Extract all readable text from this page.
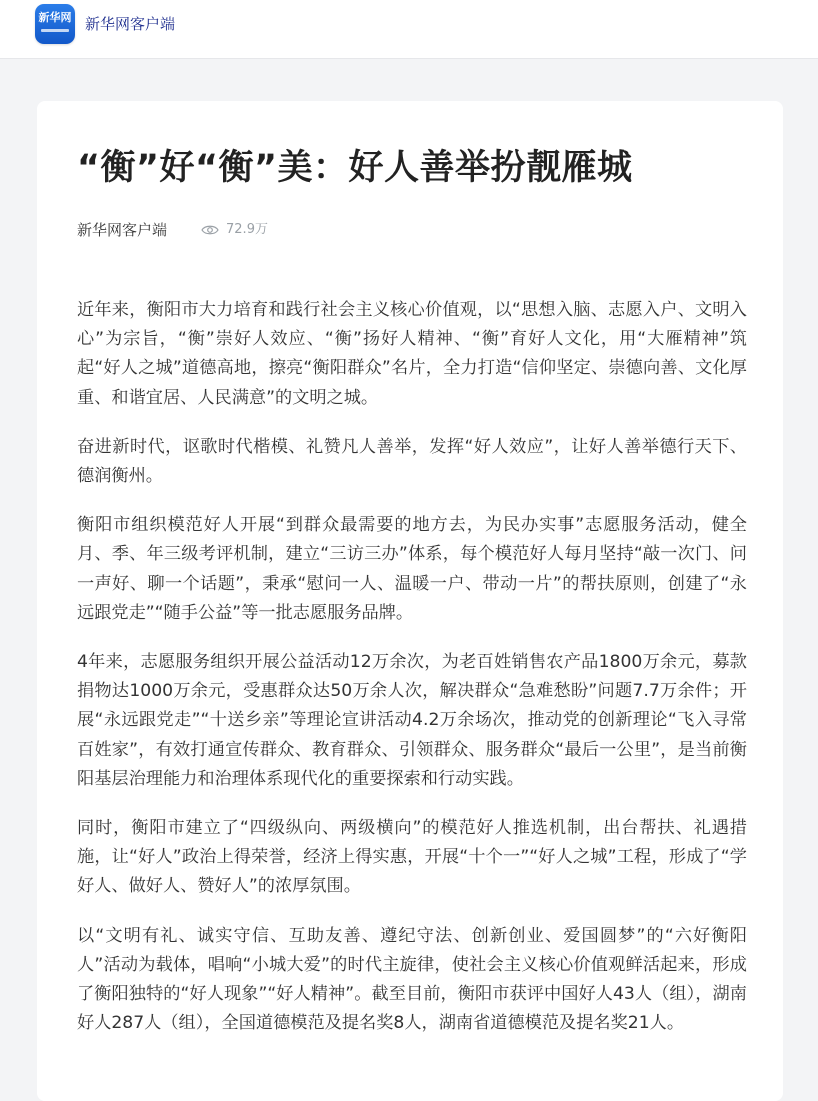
新华网 新华网客户端
“衡”好“衡”美：好人善举扮靓雁城
新华网客户端	72.9万

近年来，衡阳市大力培育和践行社会主义核心价值观，以“思想入脑、志愿入户、文明入心”为宗旨，“衡”崇好人效应、“衡”扬好人精神、“衡”育好人文化，用“大雁精神”筑起“好人之城”道德高地，擦亮“衡阳群众”名片，全力打造“信仰坚定、崇德向善、文化厚重、和谐宜居、人民满意”的文明之城。

奋进新时代，讴歌时代楷模、礼赞凡人善举，发挥“好人效应”，让好人善举德行天下、德润衡州。

衡阳市组织模范好人开展“到群众最需要的地方去，为民办实事”志愿服务活动，健全月、季、年三级考评机制，建立“三访三办”体系，每个模范好人每月坚持“敲一次门、问一声好、聊一个话题”，秉承“慰问一人、温暖一户、带动一片”的帮扶原则，创建了“永远跟党走”“随手公益”等一批志愿服务品牌。

4年来，志愿服务组织开展公益活动12万余次，为老百姓销售农产品1800万余元，募款捐物达1000万余元，受惠群众达50万余人次，解决群众“急难愁盼”问题7.7万余件；开展“永远跟党走”“十送乡亲”等理论宣讲活动4.2万余场次，推动党的创新理论“飞入寻常百姓家”，有效打通宣传群众、教育群众、引领群众、服务群众“最后一公里”，是当前衡阳基层治理能力和治理体系现代化的重要探索和行动实践。

同时，衡阳市建立了“四级纵向、两级横向”的模范好人推选机制，出台帮扶、礼遇措施，让“好人”政治上得荣誉，经济上得实惠，开展“十个一”“好人之城”工程，形成了“学好人、做好人、赞好人”的浓厚氛围。

以“文明有礼、诚实守信、互助友善、遵纪守法、创新创业、爱国圆梦”的“六好衡阳人”活动为载体，唱响“小城大爱”的时代主旋律，使社会主义核心价值观鲜活起来，形成了衡阳独特的“好人现象”“好人精神”。截至目前，衡阳市获评中国好人43人（组），湖南好人287人（组），全国道德模范及提名奖8人，湖南省道德模范及提名奖21人。
